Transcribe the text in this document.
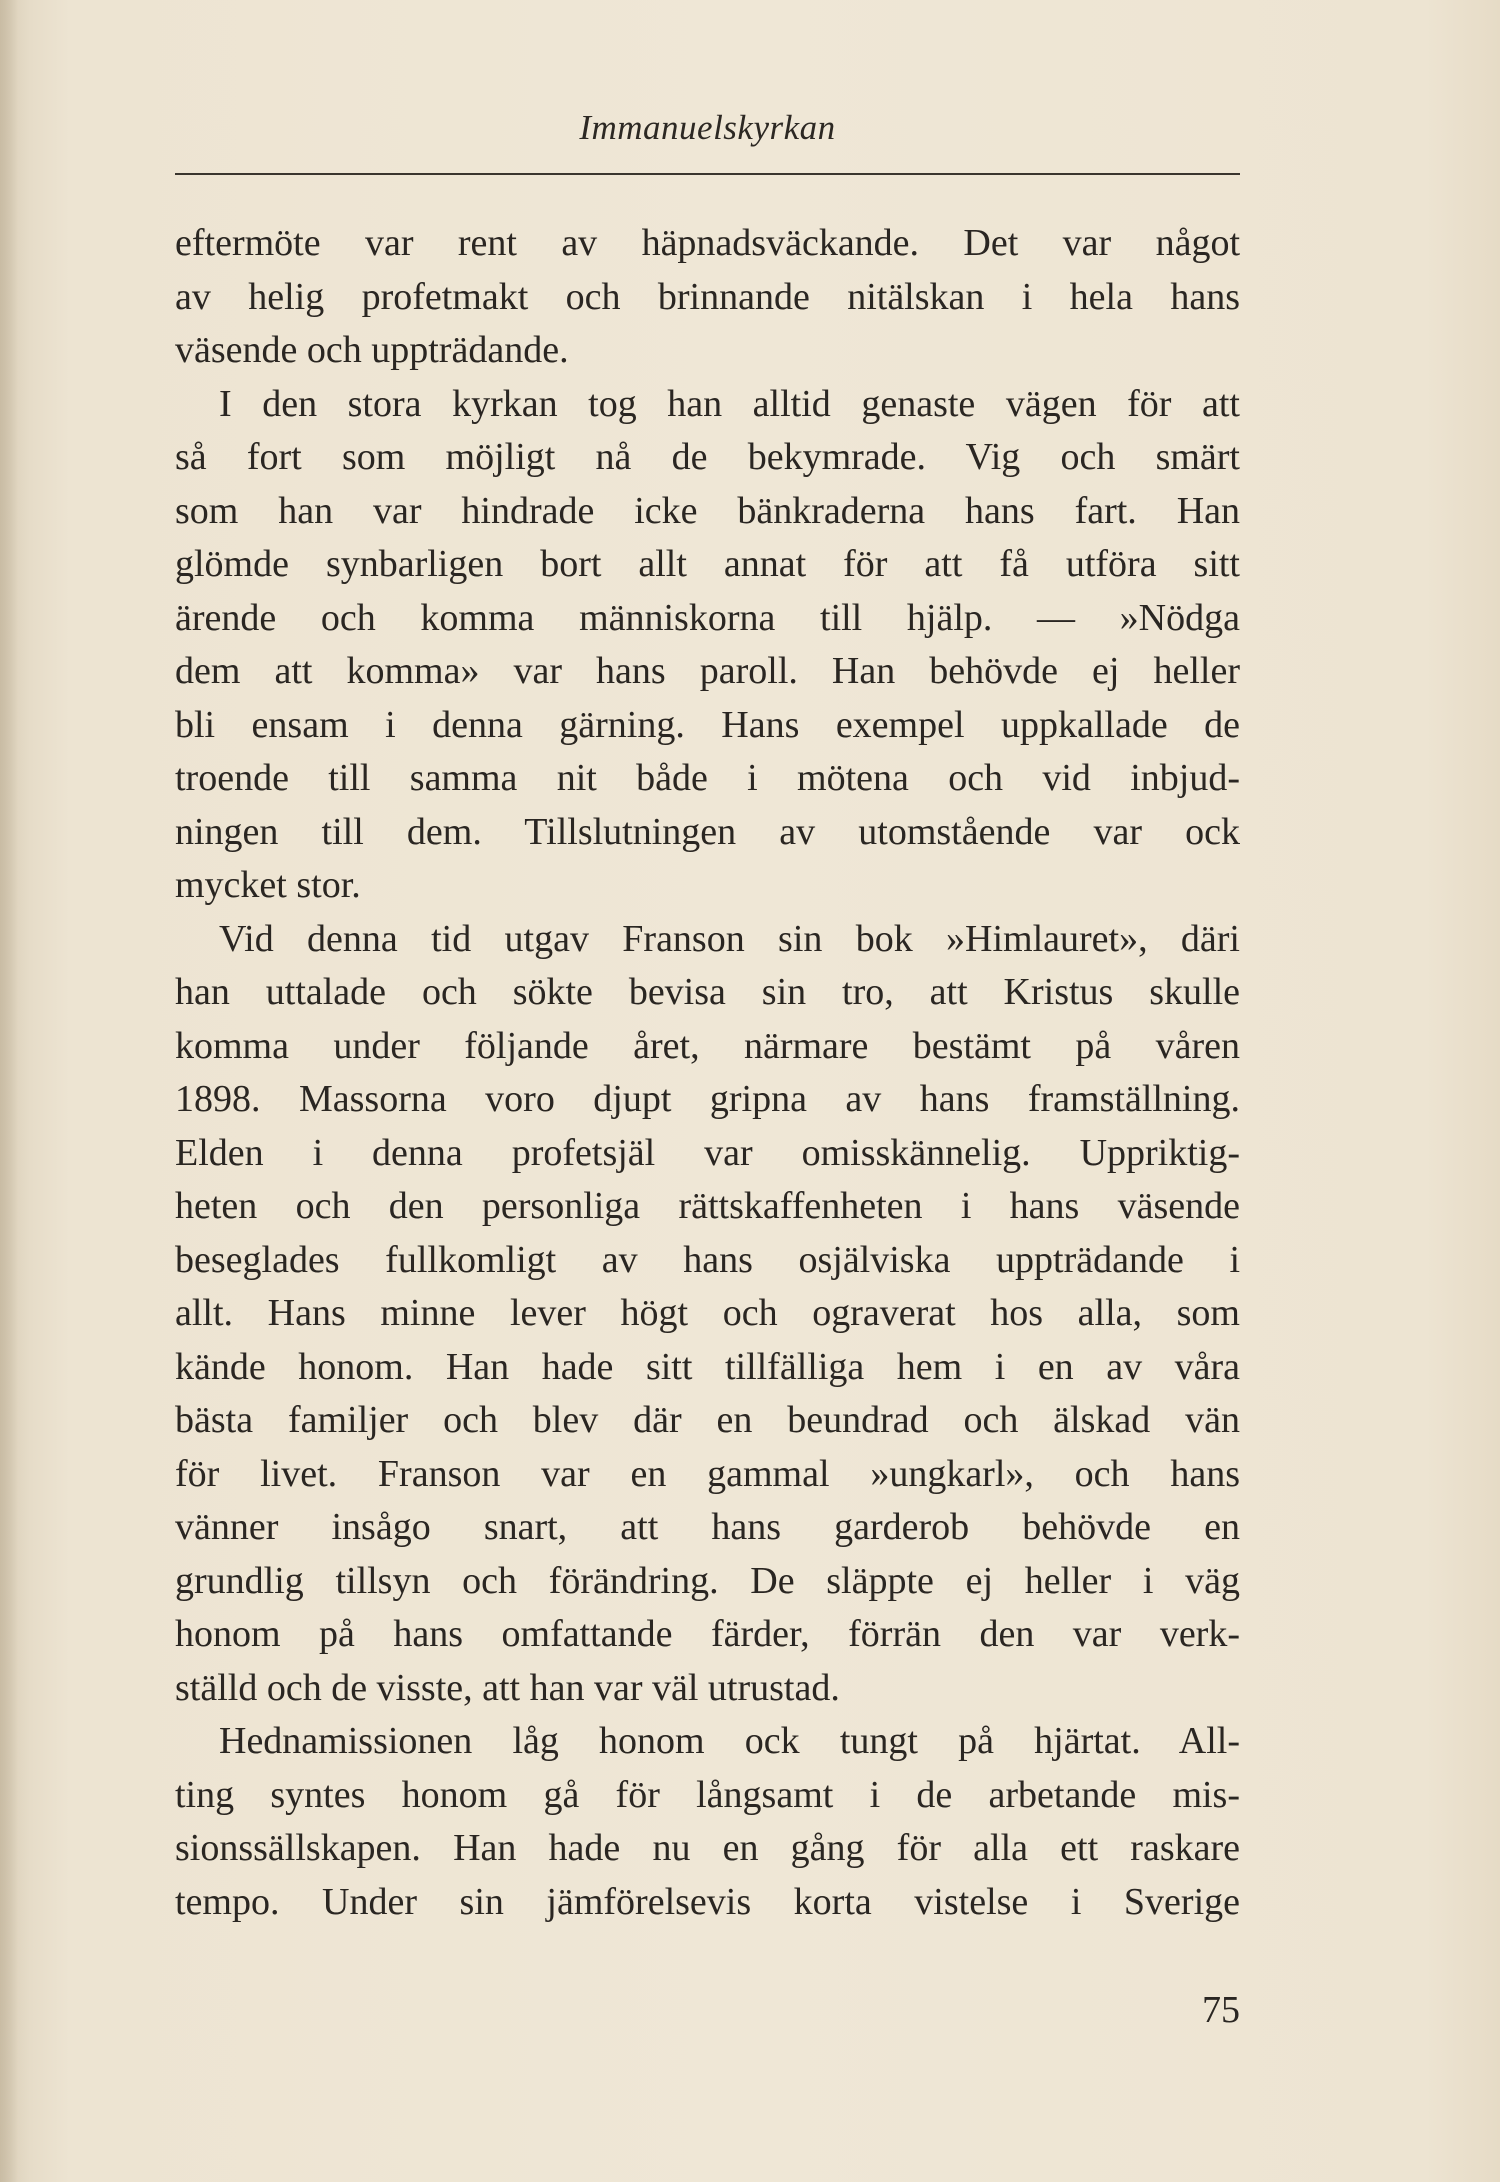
Immanuelskyrkan
eftermöte var rent av häpnadsväckande. Det var något
av helig profetmakt och brinnande nitälskan i hela hans
väsende och uppträdande.
I den stora kyrkan tog han alltid genaste vägen för att
så fort som möjligt nå de bekymrade. Vig och smärt
som han var hindrade icke bänkraderna hans fart. Han
glömde synbarligen bort allt annat för att få utföra sitt
ärende och komma människorna till hjälp. — »Nödga
dem att komma» var hans paroll. Han behövde ej heller
bli ensam i denna gärning. Hans exempel uppkallade de
troende till samma nit både i mötena och vid inbjud-
ningen till dem. Tillslutningen av utomstående var ock
mycket stor.
Vid denna tid utgav Franson sin bok »Himlauret», däri
han uttalade och sökte bevisa sin tro, att Kristus skulle
komma under följande året, närmare bestämt på våren
1898. Massorna voro djupt gripna av hans framställning.
Elden i denna profetsjäl var omisskännelig. Uppriktig-
heten och den personliga rättskaffenheten i hans väsende
beseglades fullkomligt av hans osjälviska uppträdande i
allt. Hans minne lever högt och ograverat hos alla, som
kände honom. Han hade sitt tillfälliga hem i en av våra
bästa familjer och blev där en beundrad och älskad vän
för livet. Franson var en gammal »ungkarl», och hans
vänner insågo snart, att hans garderob behövde en
grundlig tillsyn och förändring. De släppte ej heller i väg
honom på hans omfattande färder, förrän den var verk-
ställd och de visste, att han var väl utrustad.
Hednamissionen låg honom ock tungt på hjärtat. All-
ting syntes honom gå för långsamt i de arbetande mis-
sionssällskapen. Han hade nu en gång för alla ett raskare
tempo. Under sin jämförelsevis korta vistelse i Sverige
75
